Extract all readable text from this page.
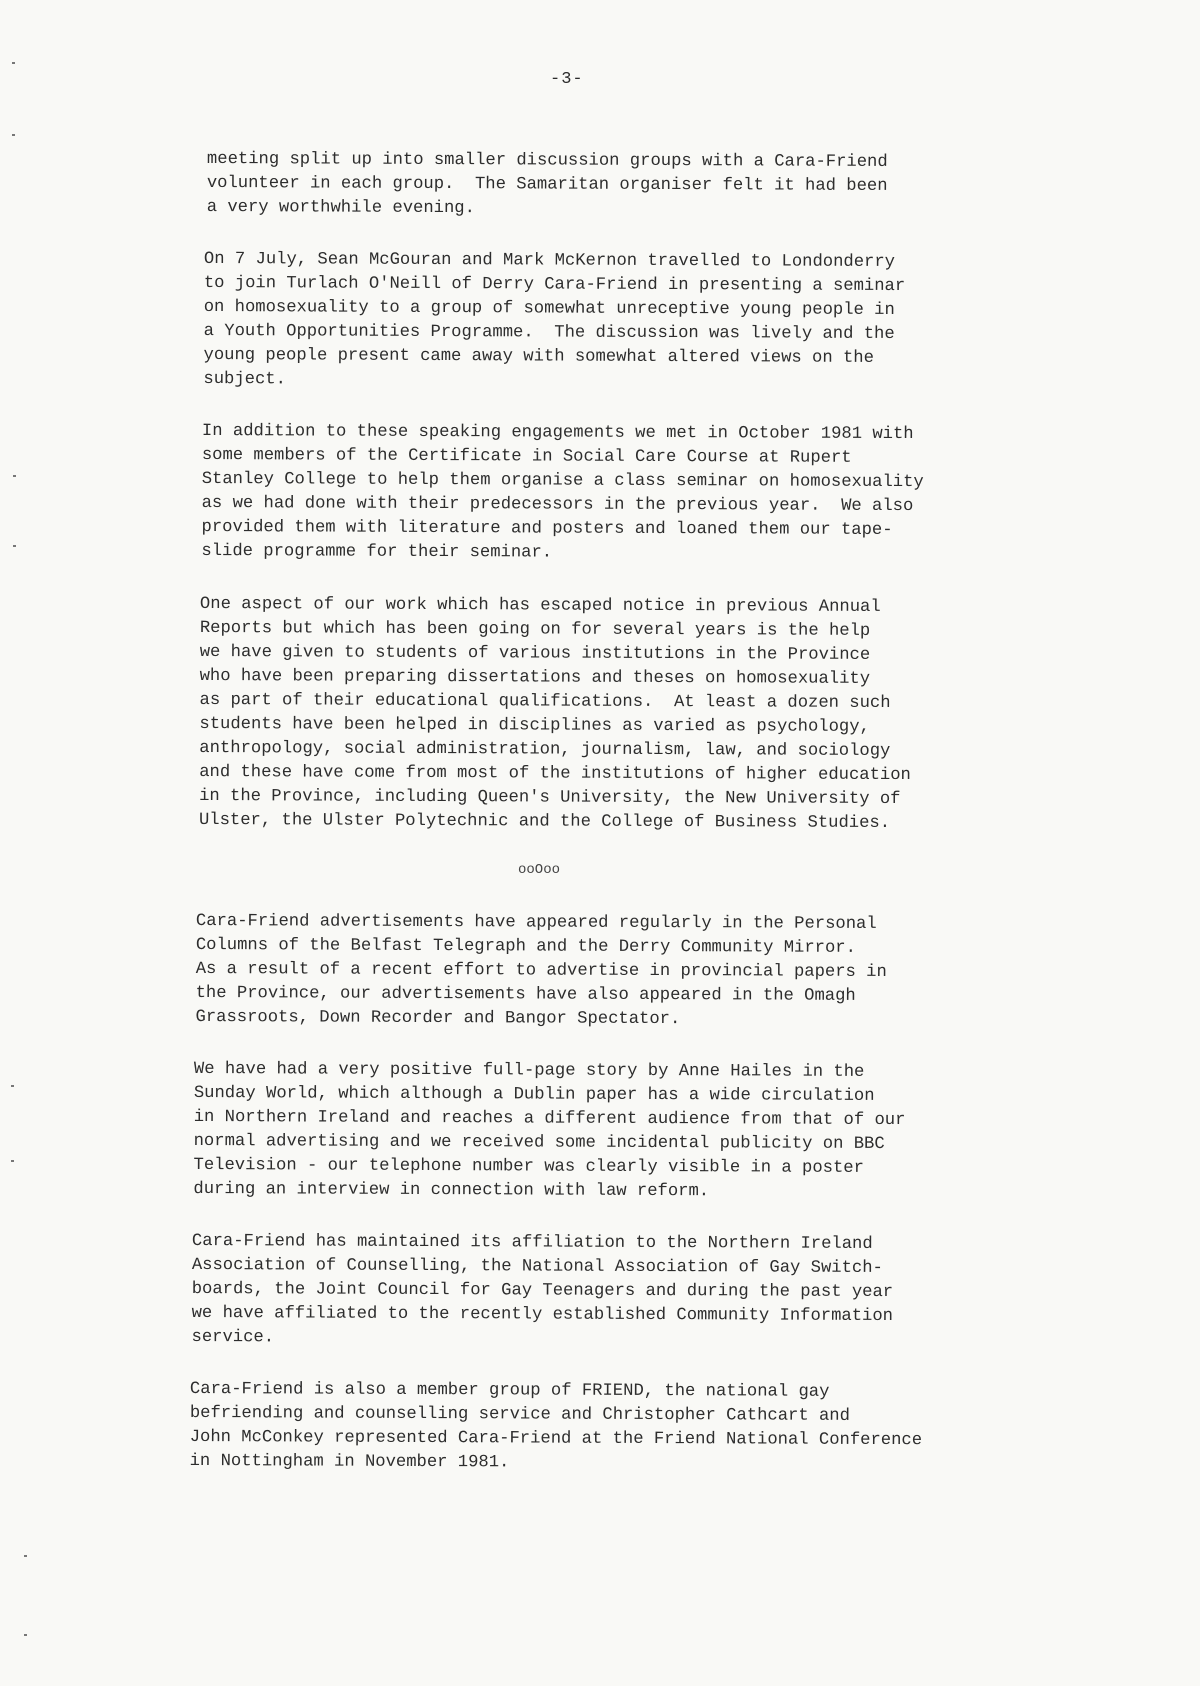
-3-

meeting split up into smaller discussion groups with a Cara-Friend
volunteer in each group.  The Samaritan organiser felt it had been
a very worthwhile evening.

On 7 July, Sean McGouran and Mark McKernon travelled to Londonderry
to join Turlach O'Neill of Derry Cara-Friend in presenting a seminar
on homosexuality to a group of somewhat unreceptive young people in
a Youth Opportunities Programme.  The discussion was lively and the
young people present came away with somewhat altered views on the
subject.

In addition to these speaking engagements we met in October 1981 with
some members of the Certificate in Social Care Course at Rupert
Stanley College to help them organise a class seminar on homosexuality
as we had done with their predecessors in the previous year.  We also
provided them with literature and posters and loaned them our tape-
slide programme for their seminar.

One aspect of our work which has escaped notice in previous Annual
Reports but which has been going on for several years is the help
we have given to students of various institutions in the Province
who have been preparing dissertations and theses on homosexuality
as part of their educational qualifications.  At least a dozen such
students have been helped in disciplines as varied as psychology,
anthropology, social administration, journalism, law, and sociology
and these have come from most of the institutions of higher education
in the Province, including Queen's University, the New University of
Ulster, the Ulster Polytechnic and the College of Business Studies.

ooOoo

Cara-Friend advertisements have appeared regularly in the Personal
Columns of the Belfast Telegraph and the Derry Community Mirror.
As a result of a recent effort to advertise in provincial papers in
the Province, our advertisements have also appeared in the Omagh
Grassroots, Down Recorder and Bangor Spectator.

We have had a very positive full-page story by Anne Hailes in the
Sunday World, which although a Dublin paper has a wide circulation
in Northern Ireland and reaches a different audience from that of our
normal advertising and we received some incidental publicity on BBC
Television - our telephone number was clearly visible in a poster
during an interview in connection with law reform.

Cara-Friend has maintained its affiliation to the Northern Ireland
Association of Counselling, the National Association of Gay Switch-
boards, the Joint Council for Gay Teenagers and during the past year
we have affiliated to the recently established Community Information
service.

Cara-Friend is also a member group of FRIEND, the national gay
befriending and counselling service and Christopher Cathcart and
John McConkey represented Cara-Friend at the Friend National Conference
in Nottingham in November 1981.
